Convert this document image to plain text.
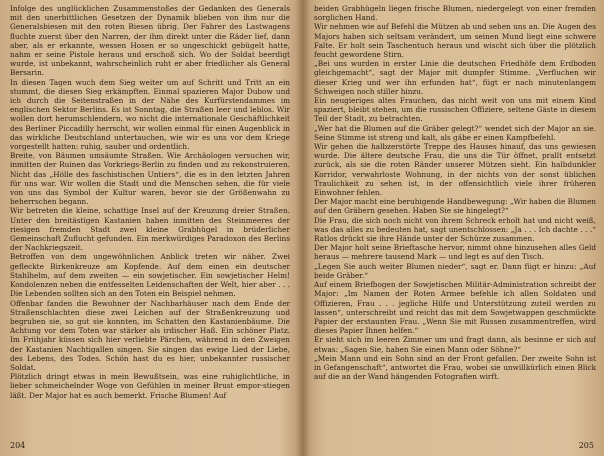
Infolge des unglücklichen Zusammenstoßes der Gedanken des Generals mit den unerbittlichen Gesetzen der Dynamik blieben von ihm nur die Generalsbiesen mit den roten Biesen übrig. Der Fahrer des Lastwagens fluchte zuerst über den Narren, der ihm direkt unter die Räder lief, dann aber, als er erkannte, wessen Hosen er so ungeschickt gebügelt hatte, nahm er seine Pistole heraus und erschoß sich. Wo der Soldat beerdigt wurde, ist unbekannt, wahrscheinlich ruht er aber friedlicher als General Bersarin.

In diesen Tagen wuch dem Sieg weiter um auf Schritt und Tritt an ein stummt, die diesen Sieg erkämpften. Einmal spazieren Major Dubow und ich durch die Seitenstraßen in der Nähe des Kurfürstendammes im englischen Sektor Berlins. Es ist Sonntag, die Straßen leer und leblos. Wir wollen dort herumschlendern, wo nicht die internationale Geschäftlichkeit des Berliner Piccadilly herrscht, wir wollen einmal für einen Augenblick in das wirkliche Deutschland untertauchen, wie wir es uns vor dem Kriege vorgestellt hatten: ruhig, sauber und ordentlich.

Breite, von Bäumen umsäumte Straßen. Wie Archäologen versuchen wir, inmitten der Ruinen das Vorkriegs-Berlin zu finden und zu rekonstruieren. Nicht das „Hölle des faschistischen Untiers“, die es in den letzten Jahren für uns war. Wir wollen die Stadt und die Menschen sehen, die für viele von uns das Symbol der Kultur waren, bevor sie der Größenwahn zu beherrschen begann.

Wir betreten die kleine, schattige Insel auf der Kreuzung dreier Straßen. Unter den breitästigen Kastanien haben inmitten des Steinmeeres der riesigen fremden Stadt zwei kleine Grabhügel in brüderlicher Gemeinschaft Zuflucht gefunden. Ein merkwürdiges Paradoxon des Berlins der Nachkriegszeit.

Betroffen von dem ungewöhnlichen Anblick treten wir näher. Zwei gefleckte Birkenkreuze am Kopfende. Auf dem einen ein deutscher Stahlhelm, auf dem zweiten — ein sowjetischer. Ein sowjetischer Helm! Kondolenzen neben die entfesselten Leidenschaften der Welt, hier aber . . . Die Lebenden sollten sich an den Toten ein Beispiel nehmen.

Offenbar fanden die Bewohner der Nachbarhäuser nach dem Ende der Straßenschlachten diese zwei Leichen auf der Straßenkreuzung und begruben sie, so gut sie konnten, im Schatten den Kastanienbäume. Die Achtung vor dem Toten war stärker als irdischer Haß. Ein schöner Platz. Im Frühjahr küssen sich hier verliebte Pärchen, während in den Zweigen der Kastanien Nachtigallen singen. Sie singen das ewige Lied der Liebe, des Lebens, des Todes. Schön hast du es hier, unbekannter russischer Soldat.

Plötzlich dringt etwas in mein Bewußtsein, was eine ruhiglichtliche, in lieber schmeichelnder Woge von Gefühlen in meiner Brust empor-stiegen läßt. Der Major hat es auch bemerkt. Frische Blumen! Auf

204

beiden Grabhügeln liegen frische Blumen, niedergelegt von einer fremden sorglichen Hand.

Wir nehmen wie auf Befehl die Mützen ab und sehen uns an. Die Augen des Majors haben sich seltsam verändert, um seinen Mund liegt eine schwere Falte. Er holt sein Taschentuch heraus und wischt sich über die plötzlich feucht gewordene Stirn.

„Bei uns wurden in erster Linie die deutschen Friedhöfe dem Erdboden gleichgemacht“, sagt der Major mit dumpfer Stimme. „Verfluchen wir dieser Krieg und wer ihn erfunden hat“, fügt er nach minutenlangem Schweigen noch stiller hinzu.

Ein neugieriges altes Frauchen, das nicht weit von uns mit einem Kind spaziert, bleibt stehen, um die russischen Offiziere, seltene Gäste in diesem Teil der Stadt, zu betrachten.

„Wer hat die Blumen auf die Gräber gelegt?“ wendet sich der Major an sie. Seine Stimme ist streng und kalt, als gäbe er einen Kampfbefehl.

Wir gehen die halbzerstörte Treppe des Hauses hinauf, das uns gewiesen wurde. Die ältere deutsche Frau, die uns die Tür öffnet, prallt entsetzt zurück, als sie die roten Ränder unserer Mützen sieht. Ein halbdunkler Korridor, verwahrloste Wohnung, in der nichts von der sonst üblichen Traulichkeit zu sehen ist, in der offensichtlich viele ihrer früheren Einwohner fehlen.

Der Major macht eine beruhigende Handbewegung: „Wir haben die Blumen auf den Gräbern gesehen. Haben Sie sie hingelegt?“

Die Frau, die sich noch nicht von ihrem Schreck erholt hat und nicht weiß, was das alles zu bedeuten hat, sagt unentschlossen: „Ja . . . Ich dachte . . .“ Ratlos drückt sie ihre Hände unter der Schürze zusammen.

Der Major holt seine Brieftasche hervor, nimmt ohne hinzusehen alles Geld heraus — mehrere tausend Mark — und legt es auf den Tisch.

„Legen Sie auch weiter Blumen nieder“, sagt er. Dann fügt er hinzu: „Auf beide Gräber.“

Auf einem Briefbogen der Sowjetischen Militär-Administration schreibt der Major: „Im Namen der Roten Armee befehle ich allen Soldaten und Offizieren, Frau . . . jegliche Hilfe und Unterstützung zuteil werden zu lassen“, unterschreibt und reicht das mit dem Sowjetwappen geschmückte Papier der erstaunten Frau. „Wenn Sie mit Russen zusammentreffen, wird dieses Papier Ihnen helfen.“

Er sieht sich im leeren Zimmer um und fragt dann, als besinne er sich auf etwas: „Sagen Sie, haben Sie einen Mann oder Söhne?“

„Mein Mann und ein Sohn sind an der Front gefallen. Der zweite Sohn ist in Gefangenschaft“, antwortet die Frau, wobei sie unwillkürlich einen Blick auf die an der Wand hängenden Fotografien wirft.

205
